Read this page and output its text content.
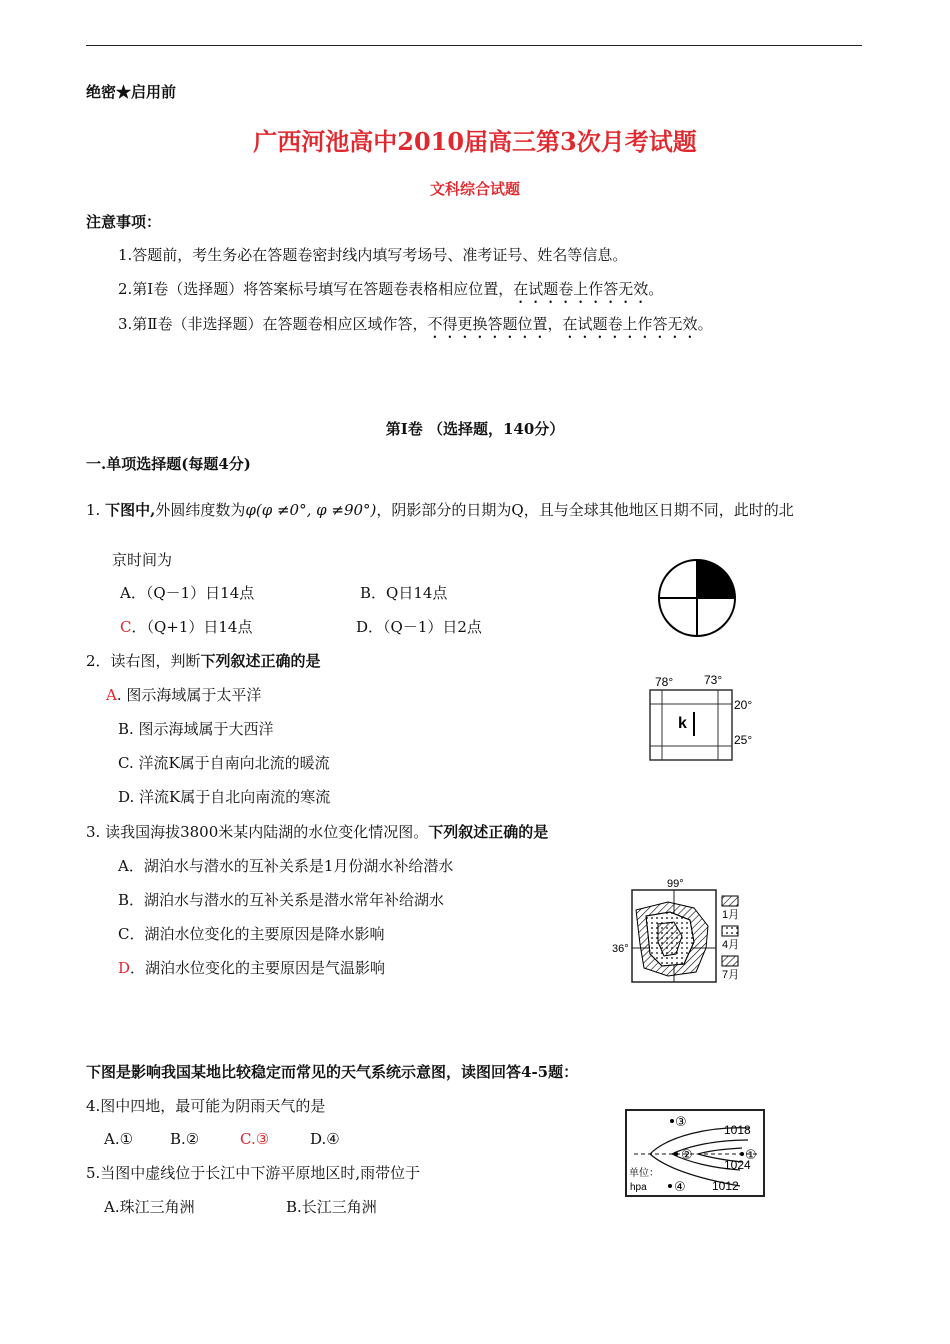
绝密★启用前
广西河池高中2010届高三第3次月考试题
文科综合试题
注意事项：
1.答题前，考生务必在答题卷密封线内填写考场号、准考证号、姓名等信息。
2.第Ⅰ卷（选择题）将答案标号填写在答题卷表格相应位置，在试题卷上作答无效。
3.第Ⅱ卷（非选择题）在答题卷相应区域作答，不得更换答题位置，在试题卷上作答无效。
第Ⅰ卷 （选择题，140分）
一.单项选择题(每题4分)
1. 下图中,外圆纬度数为φ(φ ≠0°, φ ≠90°)，阴影部分的日期为Q，且与全球其他地区日期不同，此时的北
京时间为
A．（Q－1）日14点	B．Q日14点
C．（Q+1）日14点	D．（Q－1）日2点
2．读右图，判断下列叙述正确的是
A. 图示海域属于太平洋
B. 图示海域属于大西洋
C. 洋流K属于自南向北流的暖流
D. 洋流K属于自北向南流的寒流
78°	73°
20°
25°
k
3. 读我国海拔3800米某内陆湖的水位变化情况图。下列叙述正确的是
A．湖泊水与潜水的互补关系是1月份湖水补给潜水
B．湖泊水与潜水的互补关系是潜水常年补给湖水
C．湖泊水位变化的主要原因是降水影响
D．湖泊水位变化的主要原因是气温影响
99°
36°
1月
4月
7月
下图是影响我国某地比较稳定而常见的天气系统示意图，读图回答4-5题：
4.图中四地，最可能为阴雨天气的是
A.① B.②	C.③	D.④
5.当图中虚线位于长江中下游平原地区时,雨带位于
A.珠江三角洲	B.长江三角洲
③
②	①
④
1018
1024
1012
单位：
hpa
